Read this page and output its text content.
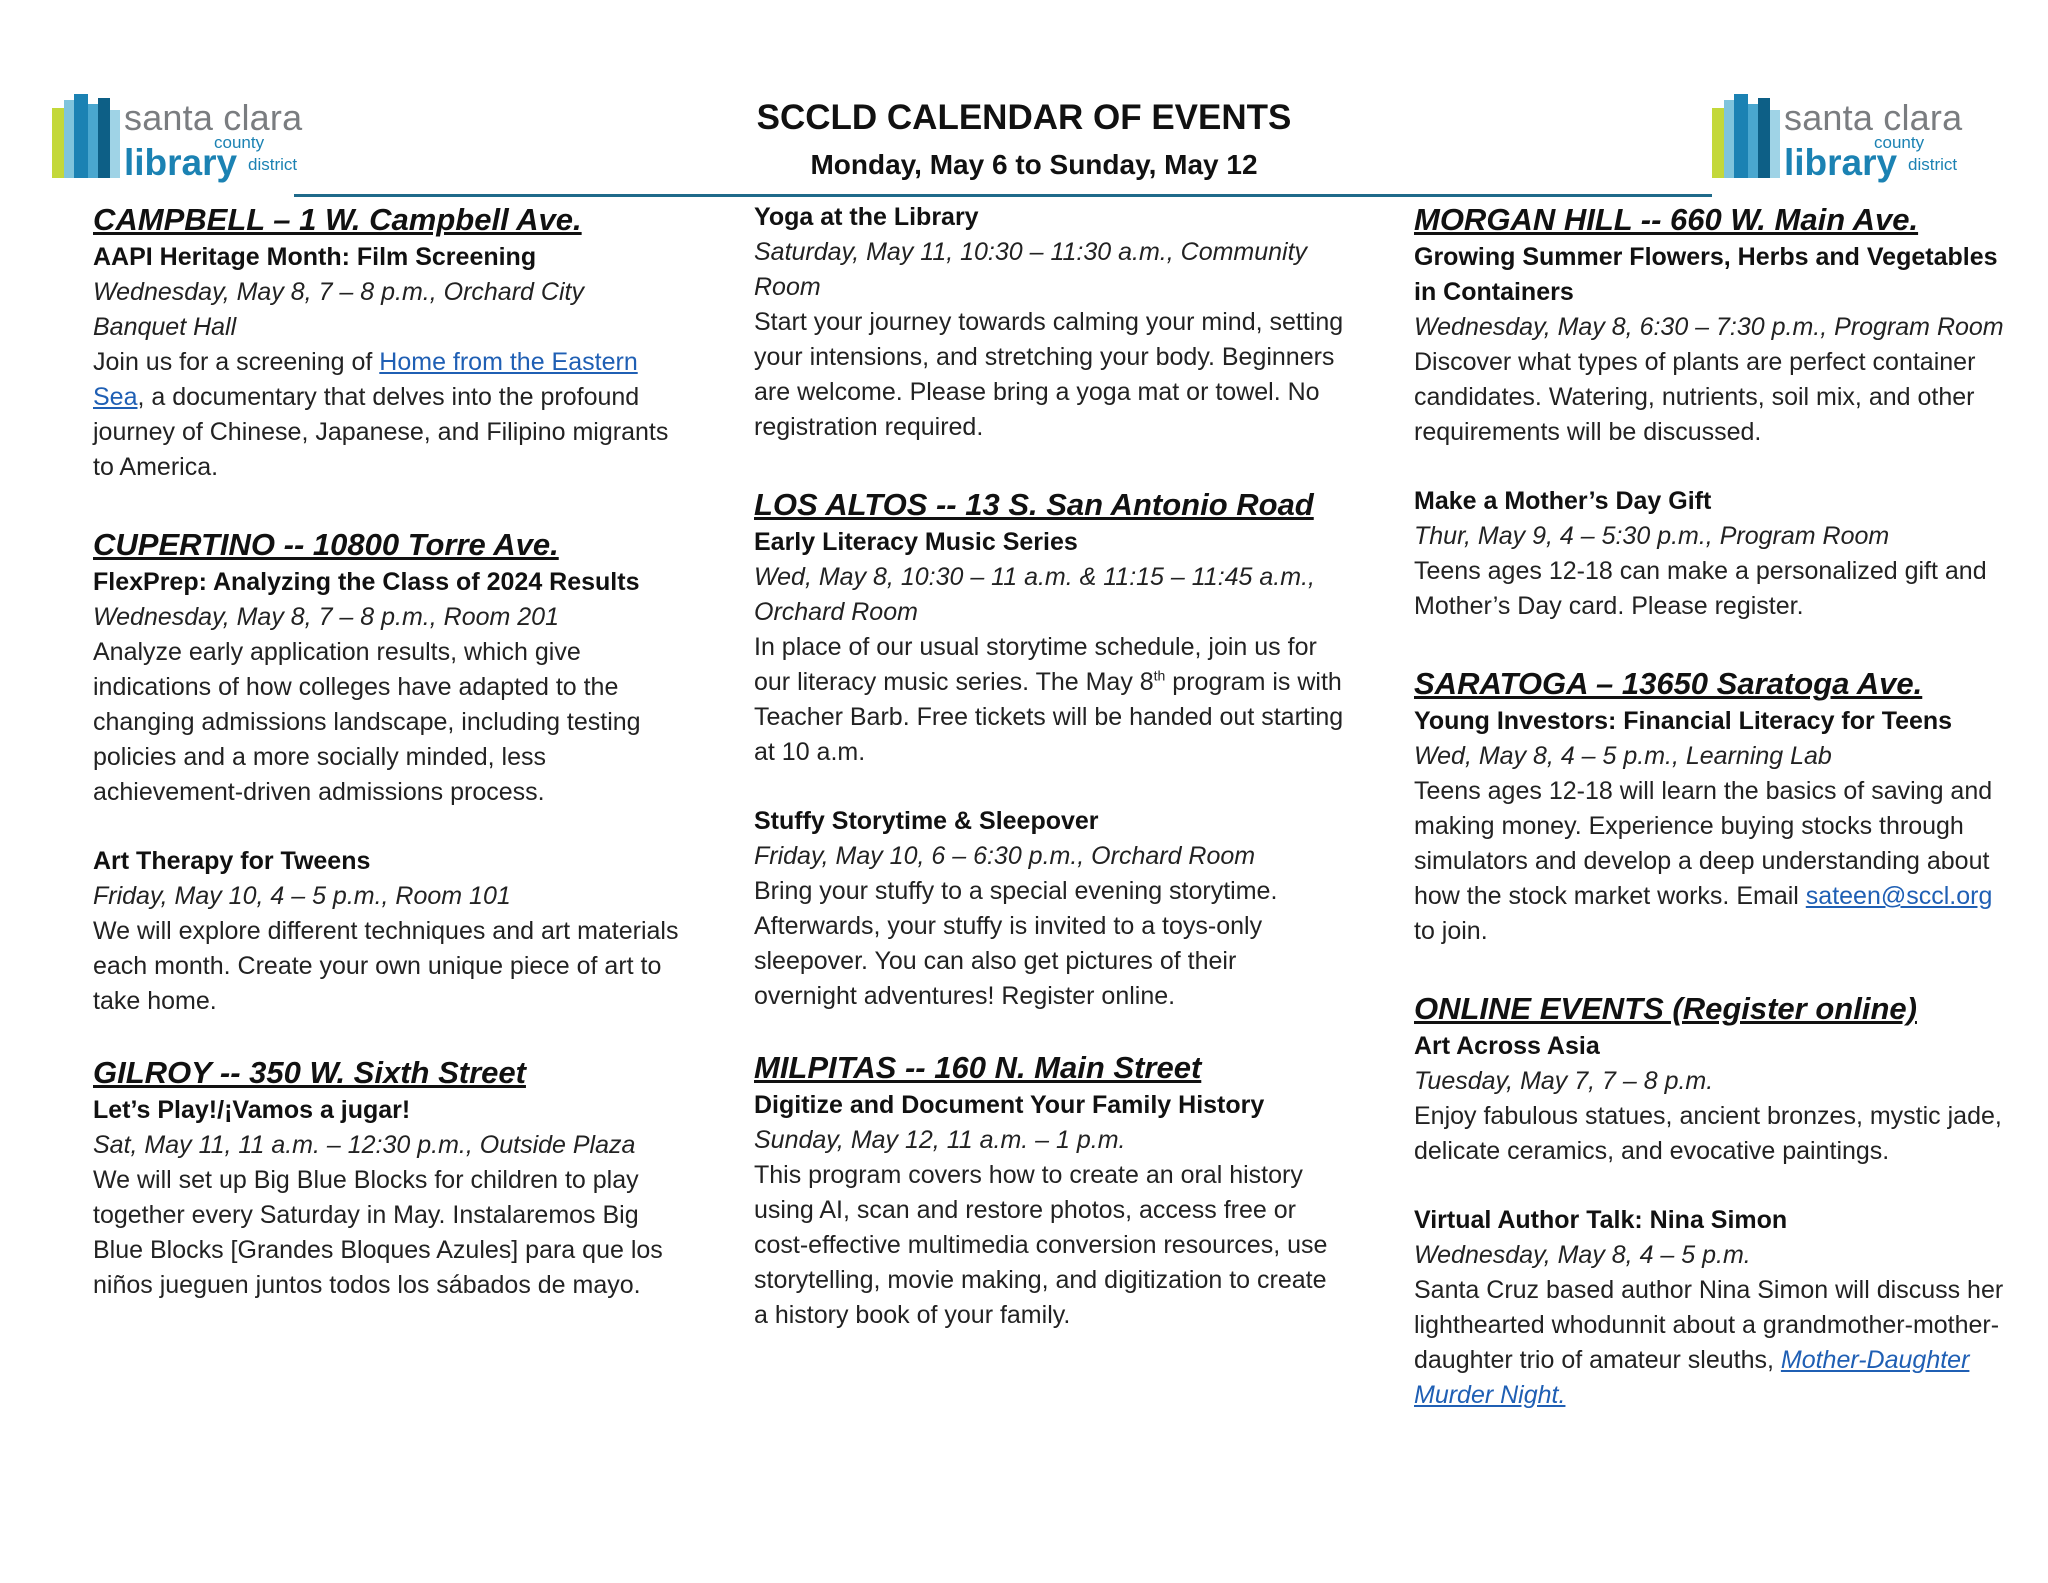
santa clara
county
library district
santa clara
county
library district
SCCLD CALENDAR OF EVENTS
Monday, May 6 to Sunday, May 12
CAMPBELL – 1 W. Campbell Ave.
AAPI Heritage Month: Film Screening
Wednesday, May 8, 7 – 8 p.m., Orchard City Banquet Hall
Join us for a screening of Home from the Eastern Sea, a documentary that delves into the profound journey of Chinese, Japanese, and Filipino migrants to America.
CUPERTINO -- 10800 Torre Ave.
FlexPrep: Analyzing the Class of 2024 Results
Wednesday, May 8, 7 – 8 p.m., Room 201
Analyze early application results, which give indications of how colleges have adapted to the changing admissions landscape, including testing policies and a more socially minded, less achievement-driven admissions process.
Art Therapy for Tweens
Friday, May 10, 4 – 5 p.m., Room 101
We will explore different techniques and art materials each month. Create your own unique piece of art to take home.
GILROY -- 350 W. Sixth Street
Let’s Play!/¡Vamos a jugar!
Sat, May 11, 11 a.m. – 12:30 p.m., Outside Plaza
We will set up Big Blue Blocks for children to play together every Saturday in May. Instalaremos Big Blue Blocks [Grandes Bloques Azules] para que los niños jueguen juntos todos los sábados de mayo.
Yoga at the Library
Saturday, May 11, 10:30 – 11:30 a.m., Community Room
Start your journey towards calming your mind, setting your intensions, and stretching your body. Beginners are welcome. Please bring a yoga mat or towel. No registration required.
LOS ALTOS -- 13 S. San Antonio Road
Early Literacy Music Series
Wed, May 8, 10:30 – 11 a.m. & 11:15 – 11:45 a.m., Orchard Room
In place of our usual storytime schedule, join us for our literacy music series. The May 8th program is with Teacher Barb. Free tickets will be handed out starting at 10 a.m.
Stuffy Storytime & Sleepover
Friday, May 10, 6 – 6:30 p.m., Orchard Room
Bring your stuffy to a special evening storytime. Afterwards, your stuffy is invited to a toys-only sleepover. You can also get pictures of their overnight adventures! Register online.
MILPITAS -- 160 N. Main Street
Digitize and Document Your Family History
Sunday, May 12, 11 a.m. – 1 p.m.
This program covers how to create an oral history using AI, scan and restore photos, access free or cost-effective multimedia conversion resources, use storytelling, movie making, and digitization to create a history book of your family.
MORGAN HILL -- 660 W. Main Ave.
Growing Summer Flowers, Herbs and Vegetables in Containers
Wednesday, May 8, 6:30 – 7:30 p.m., Program Room
Discover what types of plants are perfect container candidates. Watering, nutrients, soil mix, and other requirements will be discussed.
Make a Mother’s Day Gift
Thur, May 9, 4 – 5:30 p.m., Program Room
Teens ages 12-18 can make a personalized gift and Mother’s Day card. Please register.
SARATOGA – 13650 Saratoga Ave.
Young Investors: Financial Literacy for Teens
Wed, May 8, 4 – 5 p.m., Learning Lab
Teens ages 12-18 will learn the basics of saving and making money. Experience buying stocks through simulators and develop a deep understanding about how the stock market works. Email sateen@sccl.org to join.
ONLINE EVENTS (Register online)
Art Across Asia
Tuesday, May 7, 7 – 8 p.m.
Enjoy fabulous statues, ancient bronzes, mystic jade, delicate ceramics, and evocative paintings.
Virtual Author Talk: Nina Simon
Wednesday, May 8, 4 – 5 p.m.
Santa Cruz based author Nina Simon will discuss her lighthearted whodunnit about a grandmother-mother-daughter trio of amateur sleuths, Mother-Daughter Murder Night.
